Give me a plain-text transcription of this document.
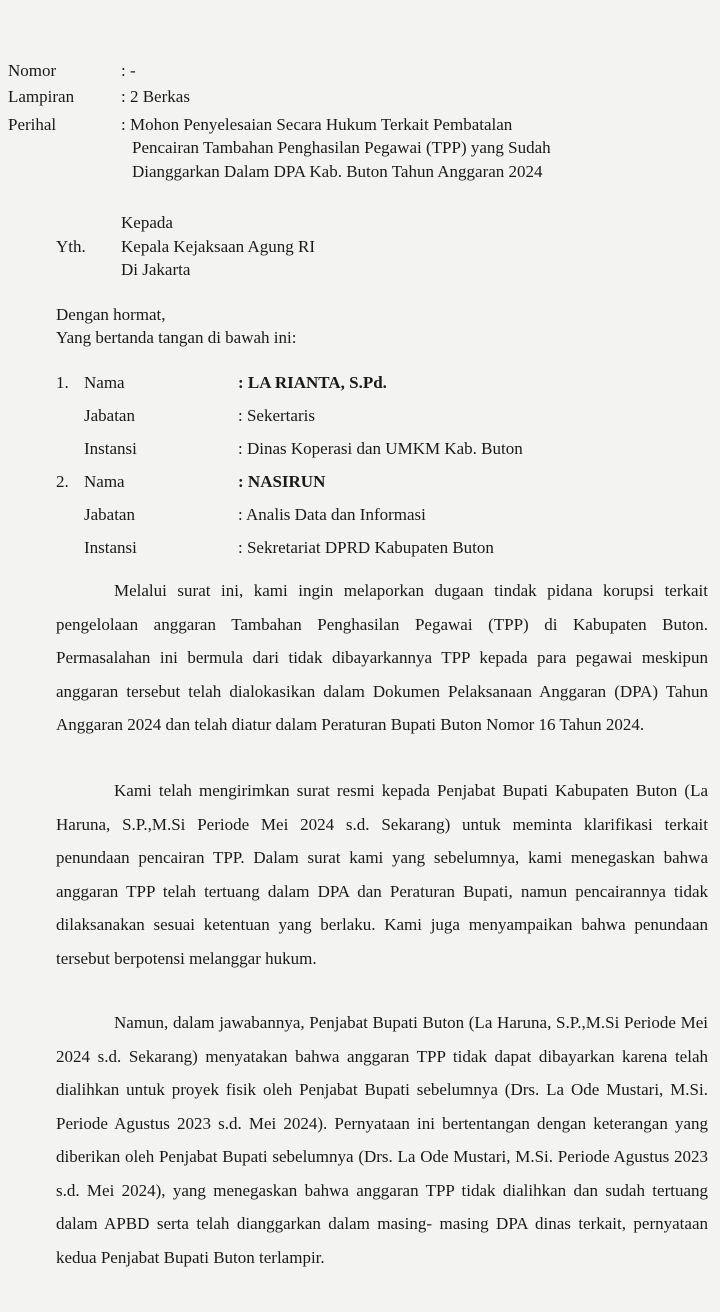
Nomor	: -
Lampiran	: 2 Berkas
Perihal	: Mohon Penyelesaian Secara Hukum Terkait Pembatalan
Pencairan Tambahan Penghasilan Pegawai (TPP) yang Sudah
Dianggarkan Dalam DPA Kab. Buton Tahun Anggaran 2024
Kepada
Yth. Kepala Kejaksaan Agung RI
Di Jakarta
Dengan hormat,
Yang bertanda tangan di bawah ini:
1. Nama	: LA RIANTA, S.Pd.
Jabatan	: Sekertaris
Instansi	: Dinas Koperasi dan UMKM Kab. Buton
2. Nama	: NASIRUN
Jabatan	: Analis Data dan Informasi
Instansi	: Sekretariat DPRD Kabupaten Buton
Melalui surat ini, kami ingin melaporkan dugaan tindak pidana korupsi terkait pengelolaan anggaran Tambahan Penghasilan Pegawai (TPP) di Kabupaten Buton. Permasalahan ini bermula dari tidak dibayarkannya TPP kepada para pegawai meskipun anggaran tersebut telah dialokasikan dalam Dokumen Pelaksanaan Anggaran (DPA) Tahun Anggaran 2024 dan telah diatur dalam Peraturan Bupati Buton Nomor 16 Tahun 2024.
Kami telah mengirimkan surat resmi kepada Penjabat Bupati Kabupaten Buton (La Haruna, S.P.,M.Si Periode Mei 2024 s.d. Sekarang) untuk meminta klarifikasi terkait penundaan pencairan TPP. Dalam surat kami yang sebelumnya, kami menegaskan bahwa anggaran TPP telah tertuang dalam DPA dan Peraturan Bupati, namun pencairannya tidak dilaksanakan sesuai ketentuan yang berlaku. Kami juga menyampaikan bahwa penundaan tersebut berpotensi melanggar hukum.
Namun, dalam jawabannya, Penjabat Bupati Buton (La Haruna, S.P.,M.Si Periode Mei 2024 s.d. Sekarang) menyatakan bahwa anggaran TPP tidak dapat dibayarkan karena telah dialihkan untuk proyek fisik oleh Penjabat Bupati sebelumnya (Drs. La Ode Mustari, M.Si. Periode Agustus 2023 s.d. Mei 2024). Pernyataan ini bertentangan dengan keterangan yang diberikan oleh Penjabat Bupati sebelumnya (Drs. La Ode Mustari, M.Si. Periode Agustus 2023 s.d. Mei 2024), yang menegaskan bahwa anggaran TPP tidak dialihkan dan sudah tertuang dalam APBD serta telah dianggarkan dalam masing- masing DPA dinas terkait, pernyataan kedua Penjabat Bupati Buton terlampir.
